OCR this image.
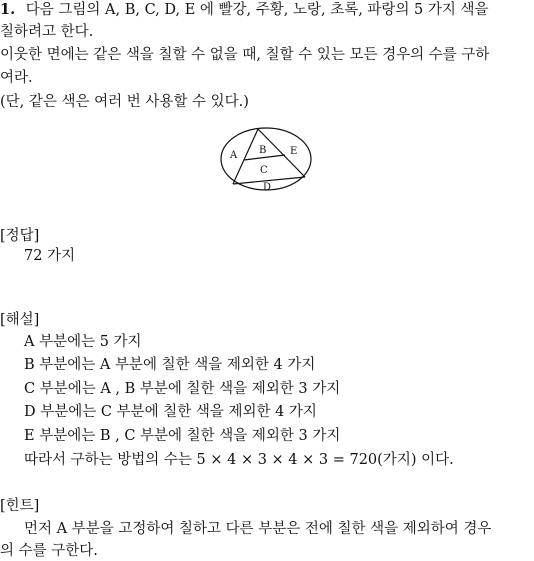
1. 다음 그림의 A, B, C, D, E 에 빨강, 주황, 노랑, 초록, 파랑의 5 가지 색을
칠하려고 한다.
이웃한 면에는 같은 색을 칠할 수 없을 때, 칠할 수 있는 모든 경우의 수를 구하
여라.
(단, 같은 색은 여러 번 사용할 수 있다.)
A B
C
D
E
[정답]
72 가지
[해설]
A 부분에는 5 가지
B 부분에는 A 부분에 칠한 색을 제외한 4 가지
C 부분에는 A , B 부분에 칠한 색을 제외한 3 가지
D 부분에는 C 부분에 칠한 색을 제외한 4 가지
E 부분에는 B , C 부분에 칠한 색을 제외한 3 가지
따라서 구하는 방법의 수는 5 × 4 × 3 × 4 × 3 = 720(가지) 이다.
[힌트]
먼저 A 부분을 고정하여 칠하고 다른 부분은 전에 칠한 색을 제외하여 경우
의 수를 구한다.
